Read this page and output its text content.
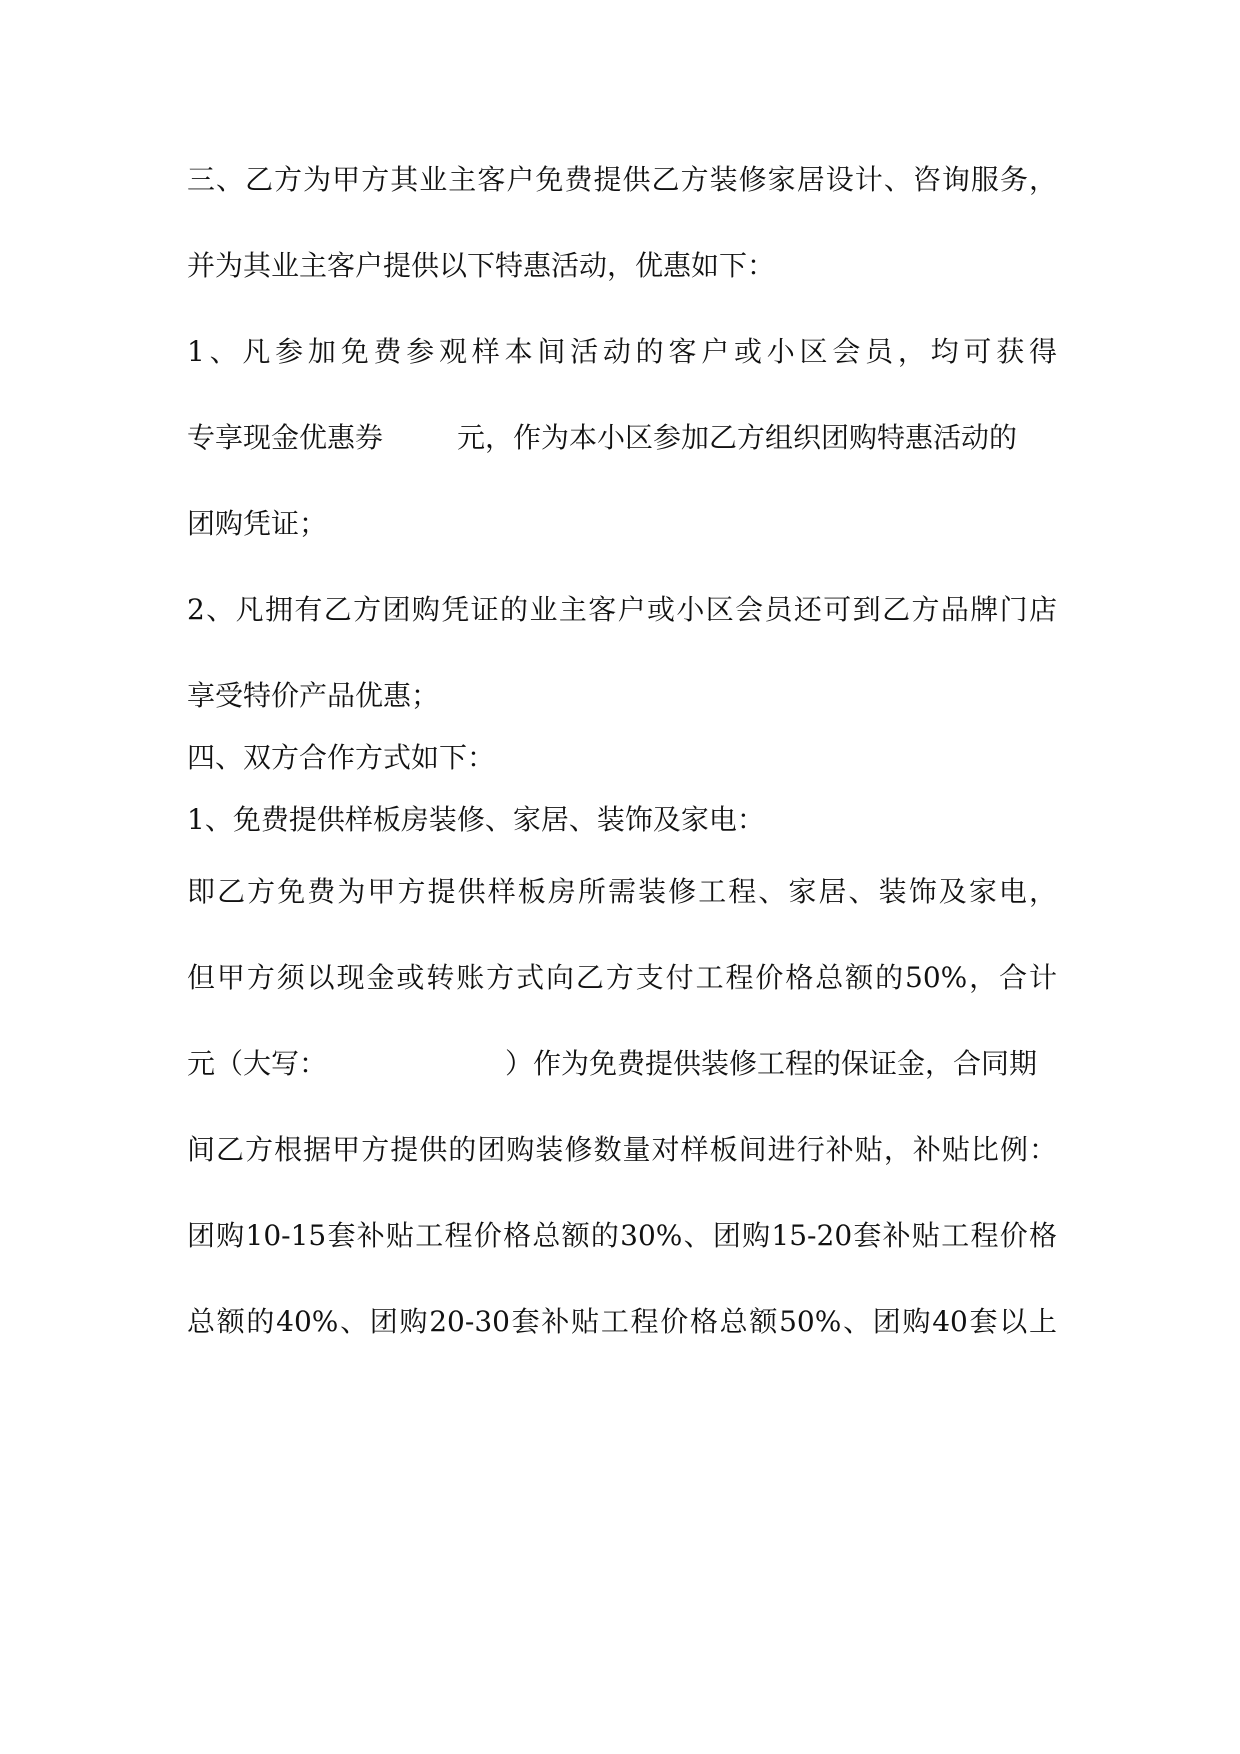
三、乙方为甲方其业主客户免费提供乙方装修家居设计、咨询服务，
并为其业主客户提供以下特惠活动，优惠如下：
1、凡参加免费参观样本间活动的客户或小区会员，均可获得
专享现金优惠券	元，作为本小区参加乙方组织团购特惠活动的
团购凭证；
2、凡拥有乙方团购凭证的业主客户或小区会员还可到乙方品牌门店
享受特价产品优惠；
四、双方合作方式如下：
1、免费提供样板房装修、家居、装饰及家电：
即乙方免费为甲方提供样板房所需装修工程、家居、装饰及家电，
但甲方须以现金或转账方式向乙方支付工程价格总额的50%，合计
元（大写：	）作为免费提供装修工程的保证金，合同期
间乙方根据甲方提供的团购装修数量对样板间进行补贴，补贴比例：
团购10-15套补贴工程价格总额的30%、团购15-20套补贴工程价格
总额的40%、团购20-30套补贴工程价格总额50%、团购40套以上
